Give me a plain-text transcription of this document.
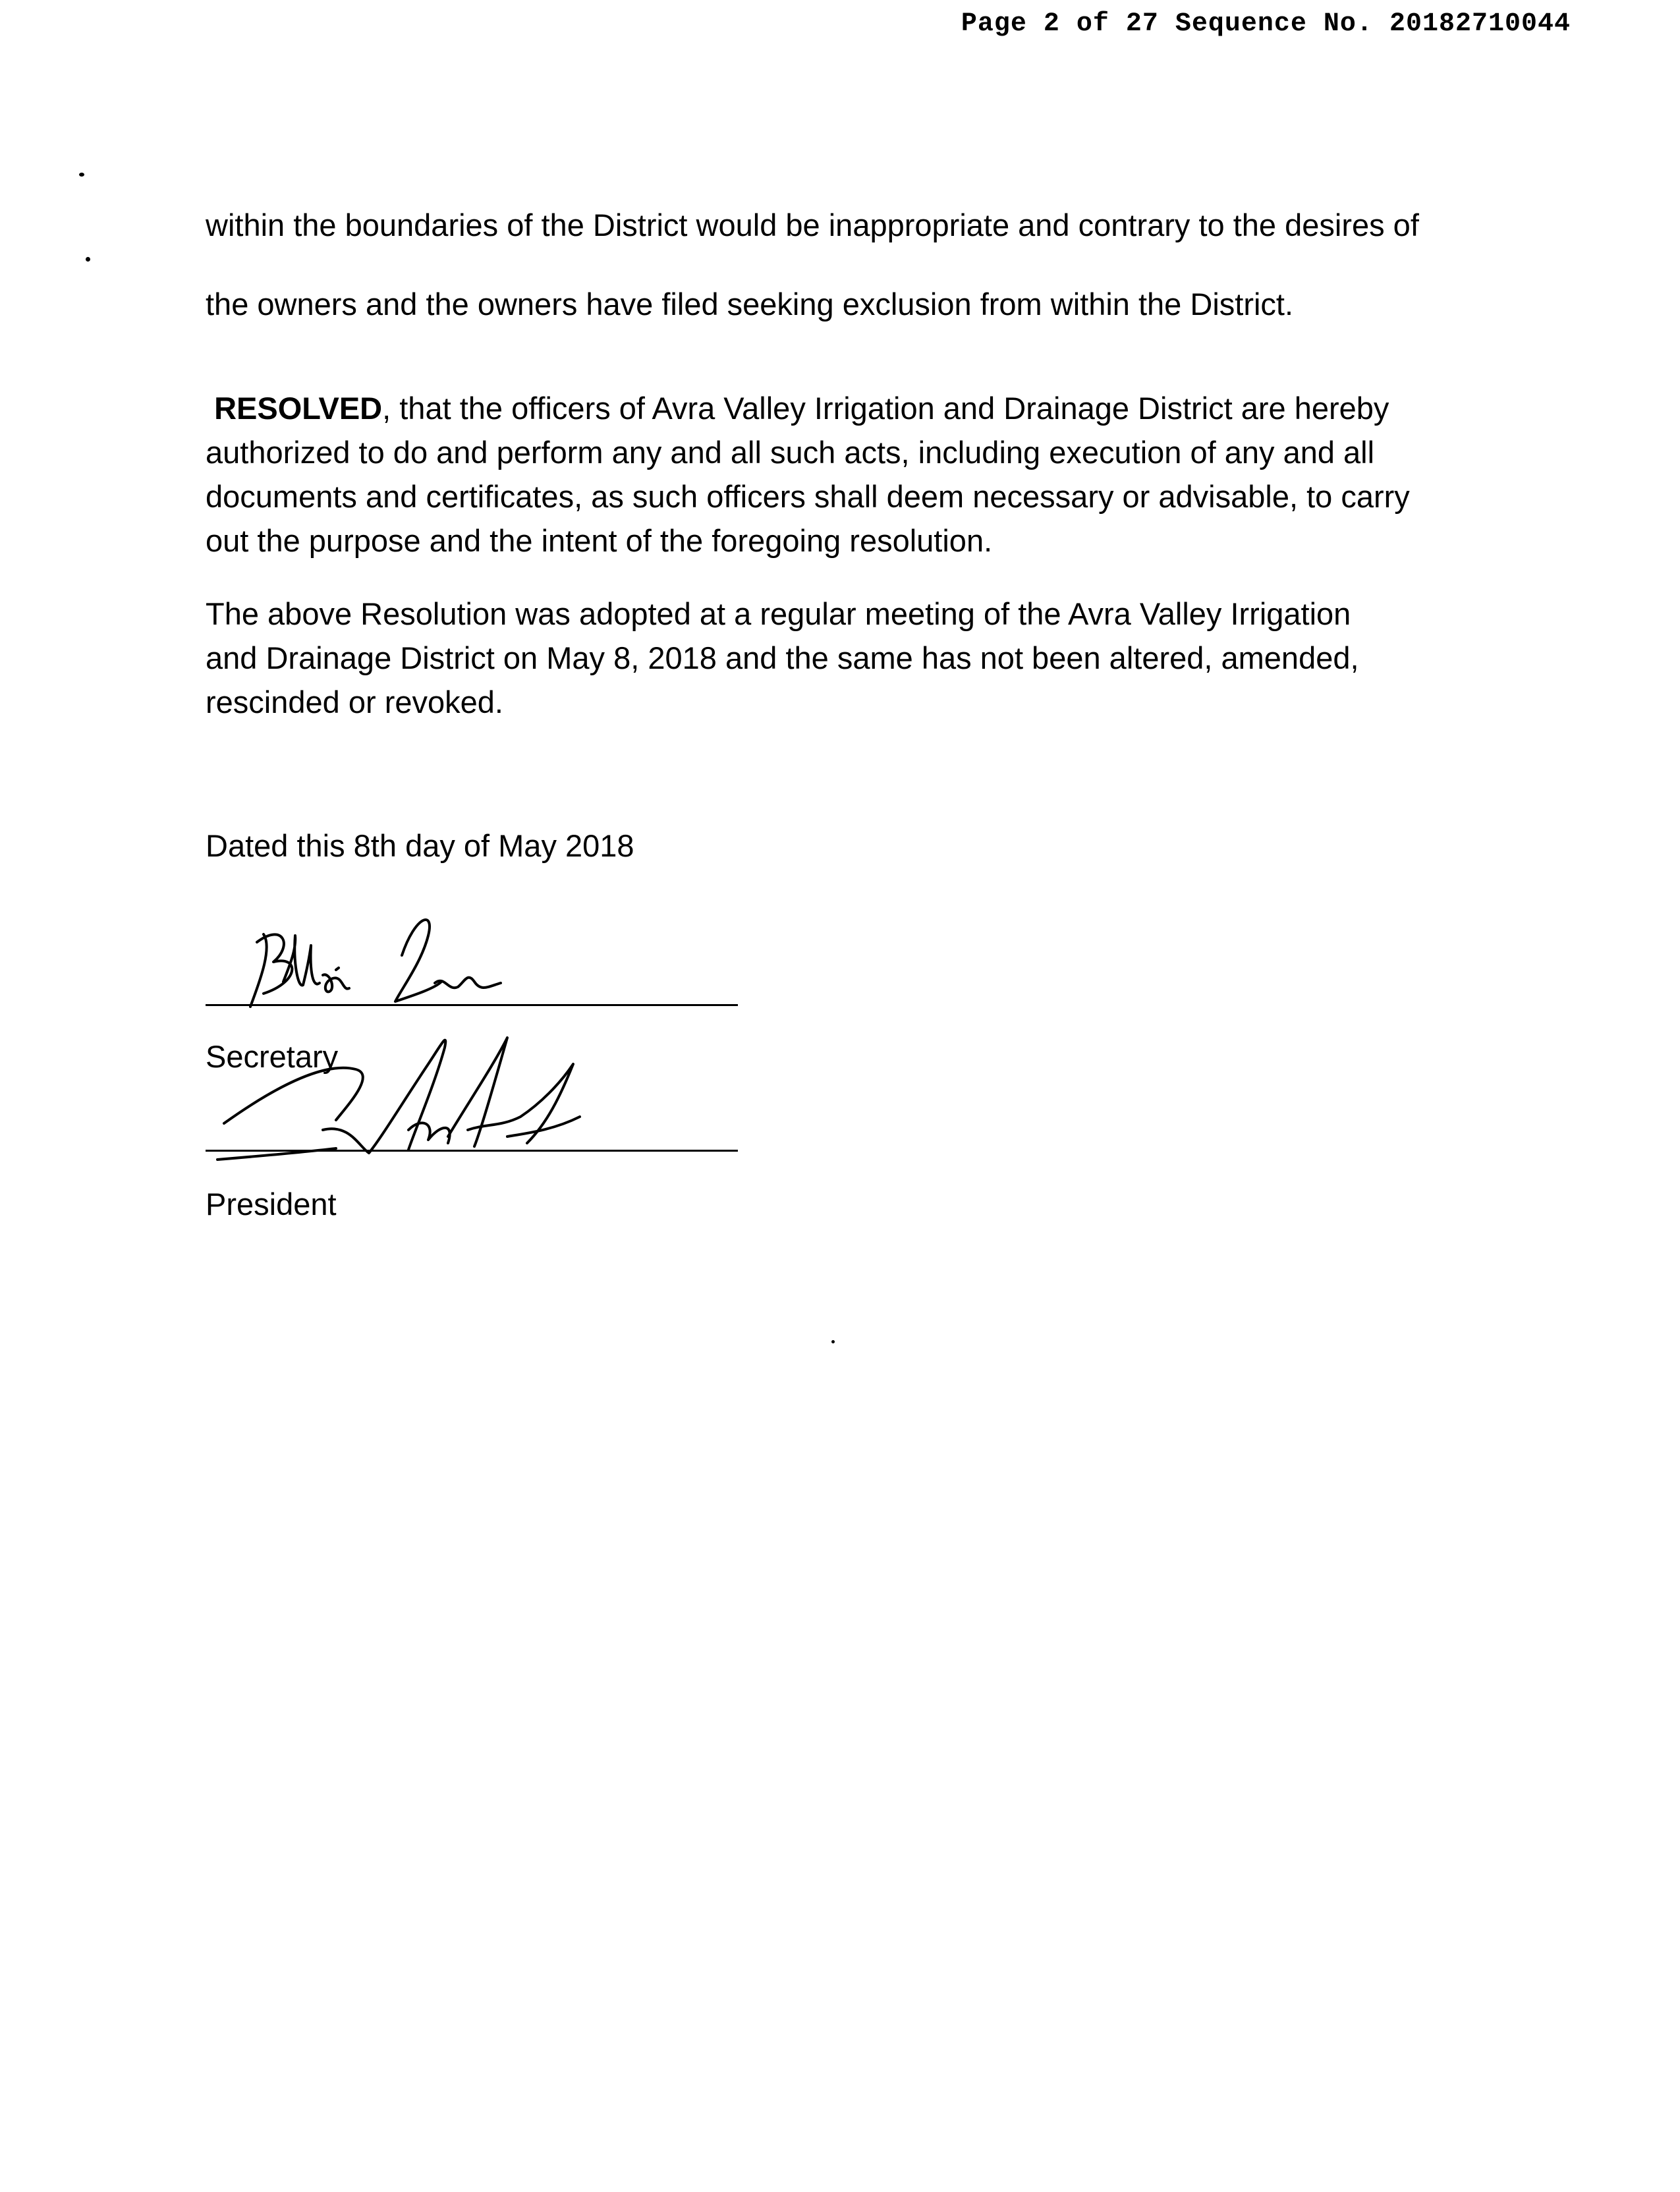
Page 2 of 27 Sequence No. 20182710044
within the boundaries of the District would be inappropriate and contrary to the desires of
the owners and the owners have filed seeking exclusion from within the District.
RESOLVED, that the officers of Avra Valley Irrigation and Drainage District are hereby
authorized to do and perform any and all such acts, including execution of any and all
documents and certificates, as such officers shall deem necessary or advisable, to carry
out the purpose and the intent of the foregoing resolution.
The above Resolution was adopted at a regular meeting of the Avra Valley Irrigation
and Drainage District on May 8, 2018 and the same has not been altered, amended,
rescinded or revoked.
Dated this 8th day of May 2018
Secretary
President
